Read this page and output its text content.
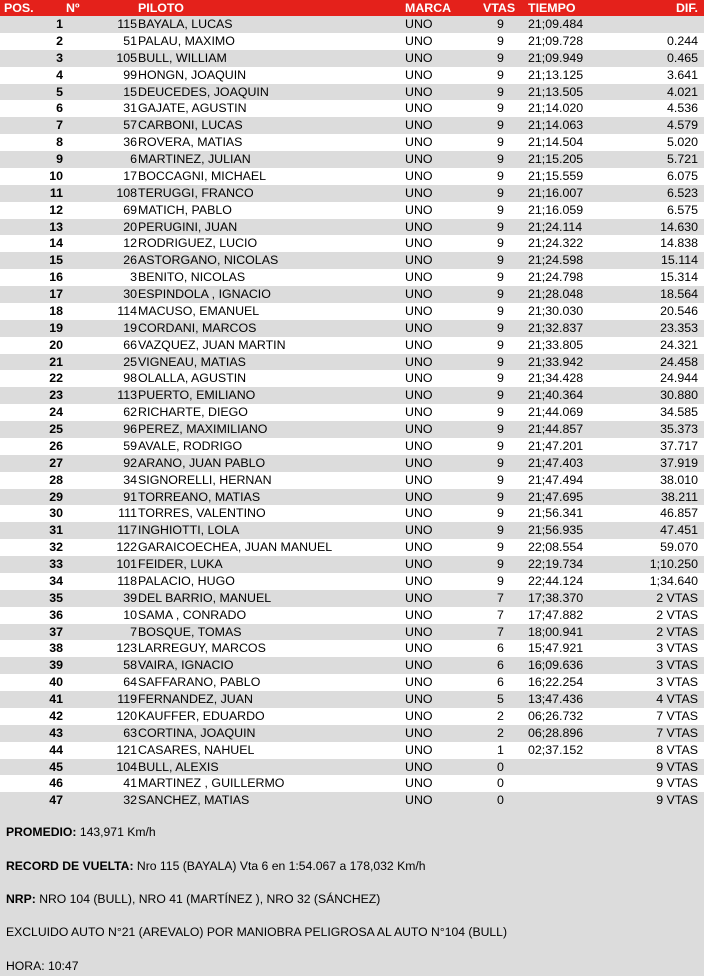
POS.	Nº	PILOTO	MARCA	VTAS TIEMPO	DIF.
1	115 BAYALA, LUCAS	UNO	9 21;09.484
2	51 PALAU, MAXIMO	UNO	9 21;09.728	0.244
3	105 BULL, WILLIAM	UNO	9 21;09.949	0.465
4	99 HONGN, JOAQUIN	UNO	9 21;13.125	3.641
5	15 DEUCEDES, JOAQUIN	UNO	9 21;13.505	4.021
6	31 GAJATE, AGUSTIN	UNO	9 21;14.020	4.536
7	57 CARBONI, LUCAS	UNO	9 21;14.063	4.579
8	36 ROVERA, MATIAS	UNO	9 21;14.504	5.020
9	6 MARTINEZ, JULIAN	UNO	9 21;15.205	5.721
10	17 BOCCAGNI, MICHAEL	UNO	9 21;15.559	6.075
11	108 TERUGGI, FRANCO	UNO	9 21;16.007	6.523
12	69 MATICH, PABLO	UNO	9 21;16.059	6.575
13	20 PERUGINI, JUAN	UNO	9 21;24.114	14.630
14	12 RODRIGUEZ, LUCIO	UNO	9 21;24.322	14.838
15	26 ASTORGANO, NICOLAS	UNO	9 21;24.598	15.114
16	3 BENITO, NICOLAS	UNO	9 21;24.798	15.314
17	30 ESPINDOLA , IGNACIO	UNO	9 21;28.048	18.564
18	114 MACUSO, EMANUEL	UNO	9 21;30.030	20.546
19	19 CORDANI, MARCOS	UNO	9 21;32.837	23.353
20	66 VAZQUEZ, JUAN MARTIN	UNO	9 21;33.805	24.321
21	25 VIGNEAU, MATIAS	UNO	9 21;33.942	24.458
22	98 OLALLA, AGUSTIN	UNO	9 21;34.428	24.944
23	113 PUERTO, EMILIANO	UNO	9 21;40.364	30.880
24	62 RICHARTE, DIEGO	UNO	9 21;44.069	34.585
25	96 PEREZ, MAXIMILIANO	UNO	9 21;44.857	35.373
26	59 AVALE, RODRIGO	UNO	9 21;47.201	37.717
27	92 ARANO, JUAN PABLO	UNO	9 21;47.403	37.919
28	34 SIGNORELLI, HERNAN	UNO	9 21;47.494	38.010
29	91 TORREANO, MATIAS	UNO	9 21;47.695	38.211
30	111 TORRES, VALENTINO	UNO	9 21;56.341	46.857
31	117 INGHIOTTI, LOLA	UNO	9 21;56.935	47.451
32	122 GARAICOECHEA, JUAN MANUEL	UNO	9 22;08.554	59.070
33	101 FEIDER, LUKA	UNO	9 22;19.734	1;10.250
34	118 PALACIO, HUGO	UNO	9 22;44.124	1;34.640
35	39 DEL BARRIO, MANUEL	UNO	7 17;38.370	2 VTAS
36	10 SAMA , CONRADO	UNO	7 17;47.882	2 VTAS
37	7 BOSQUE, TOMAS	UNO	7 18;00.941	2 VTAS
38	123 LARREGUY, MARCOS	UNO	6 15;47.921	3 VTAS
39	58 VAIRA, IGNACIO	UNO	6 16;09.636	3 VTAS
40	64 SAFFARANO, PABLO	UNO	6 16;22.254	3 VTAS
41	119 FERNANDEZ, JUAN	UNO	5 13;47.436	4 VTAS
42	120 KAUFFER, EDUARDO	UNO	2 06;26.732	7 VTAS
43	63 CORTINA, JOAQUIN	UNO	2 06;28.896	7 VTAS
44	121 CASARES, NAHUEL	UNO	1 02;37.152	8 VTAS
45	104 BULL, ALEXIS	UNO	0	9 VTAS
46	41 MARTINEZ , GUILLERMO	UNO	0	9 VTAS
47	32 SANCHEZ, MATIAS	UNO	0	9 VTAS
PROMEDIO: 143,971 Km/h
RECORD DE VUELTA: Nro 115 (BAYALA) Vta 6 en 1:54.067 a 178,032 Km/h
NRP: NRO 104 (BULL), NRO 41 (MARTÍNEZ ), NRO 32 (SÁNCHEZ)
EXCLUIDO AUTO N°21 (AREVALO) POR MANIOBRA PELIGROSA AL AUTO N°104 (BULL)
HORA: 10:47
